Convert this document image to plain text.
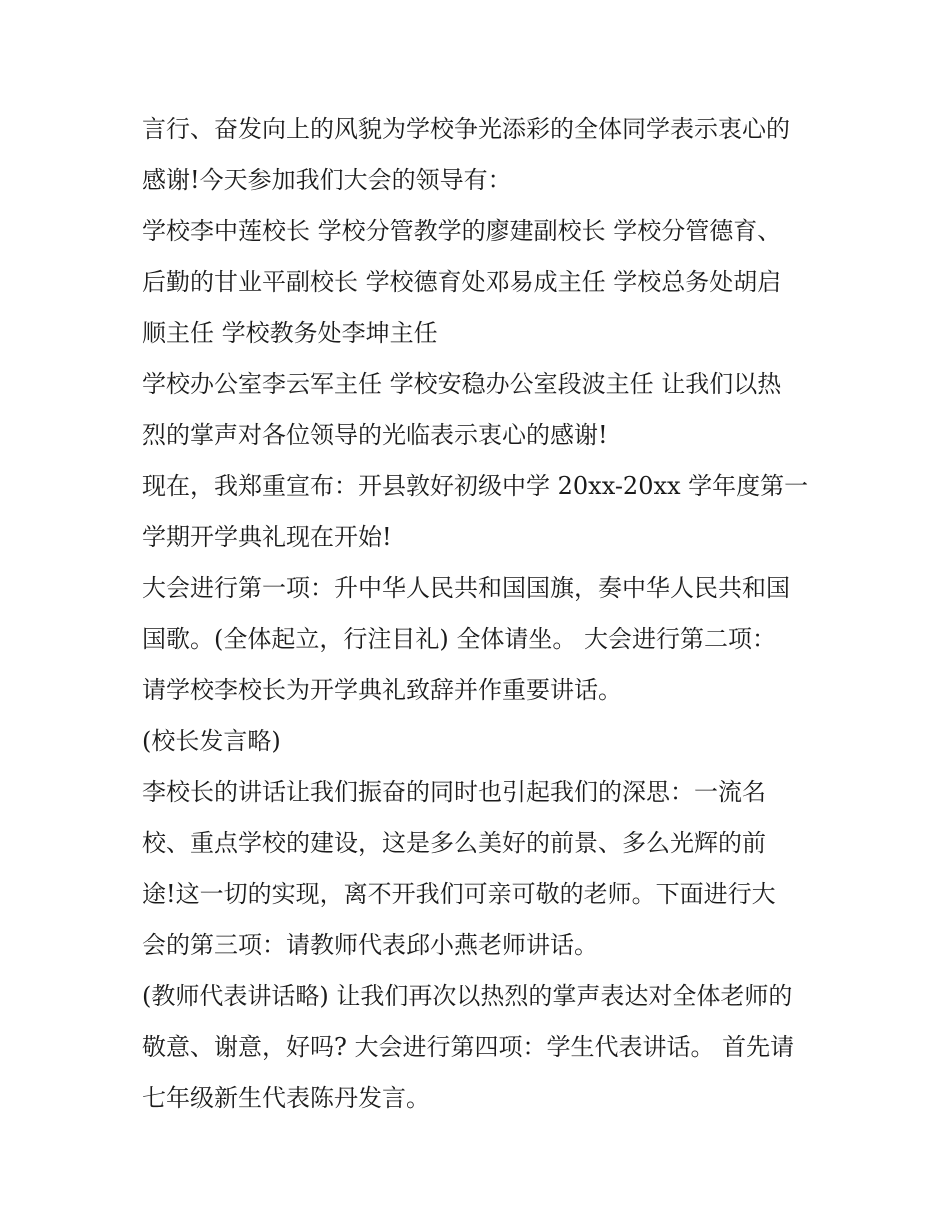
言行、奋发向上的风貌为学校争光添彩的全体同学表示衷心的
感谢!今天参加我们大会的领导有：
学校李中莲校长 学校分管教学的廖建副校长 学校分管德育、
后勤的甘业平副校长 学校德育处邓易成主任 学校总务处胡启
顺主任 学校教务处李坤主任
学校办公室李云军主任 学校安稳办公室段波主任 让我们以热
烈的掌声对各位领导的光临表示衷心的感谢!
现在，我郑重宣布：开县敦好初级中学 20xx-20xx 学年度第一
学期开学典礼现在开始!
大会进行第一项：升中华人民共和国国旗，奏中华人民共和国
国歌。(全体起立，行注目礼) 全体请坐。 大会进行第二项：
请学校李校长为开学典礼致辞并作重要讲话。
(校长发言略)
李校长的讲话让我们振奋的同时也引起我们的深思：一流名
校、重点学校的建设，这是多么美好的前景、多么光辉的前
途!这一切的实现，离不开我们可亲可敬的老师。下面进行大
会的第三项：请教师代表邱小燕老师讲话。
(教师代表讲话略) 让我们再次以热烈的掌声表达对全体老师的
敬意、谢意，好吗? 大会进行第四项：学生代表讲话。 首先请
七年级新生代表陈丹发言。
